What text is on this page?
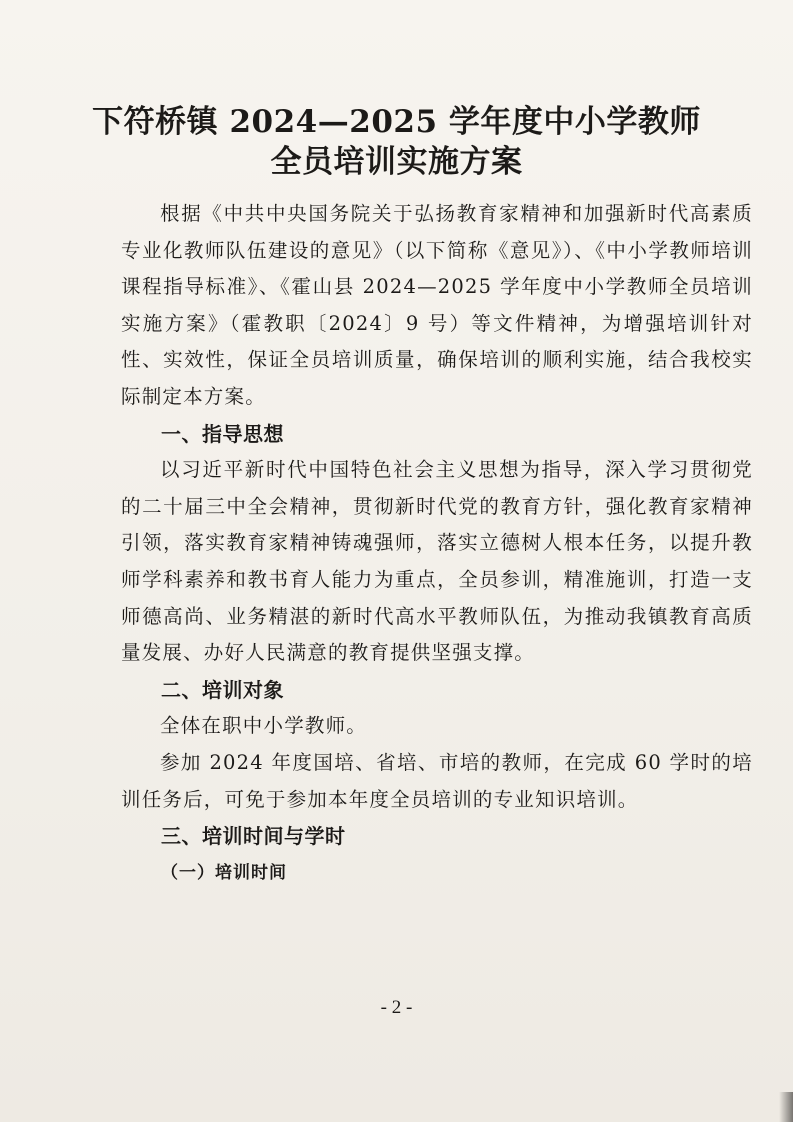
下符桥镇 2024—2025 学年度中小学教师
全员培训实施方案

根据《中共中央国务院关于弘扬教育家精神和加强新时代高素质专业化教师队伍建设的意见》（以下简称《意见》）、《中小学教师培训课程指导标准》、《霍山县 2024—2025 学年度中小学教师全员培训实施方案》（霍教职〔2024〕9 号）等文件精神，为增强培训针对性、实效性，保证全员培训质量，确保培训的顺利实施，结合我校实际制定本方案。

一、指导思想

以习近平新时代中国特色社会主义思想为指导，深入学习贯彻党的二十届三中全会精神，贯彻新时代党的教育方针，强化教育家精神引领，落实教育家精神铸魂强师，落实立德树人根本任务，以提升教师学科素养和教书育人能力为重点，全员参训，精准施训，打造一支师德高尚、业务精湛的新时代高水平教师队伍，为推动我镇教育高质量发展、办好人民满意的教育提供坚强支撑。

二、培训对象

全体在职中小学教师。

参加 2024 年度国培、省培、市培的教师，在完成 60 学时的培训任务后，可免于参加本年度全员培训的专业知识培训。

三、培训时间与学时

（一）培训时间

- 2 -
